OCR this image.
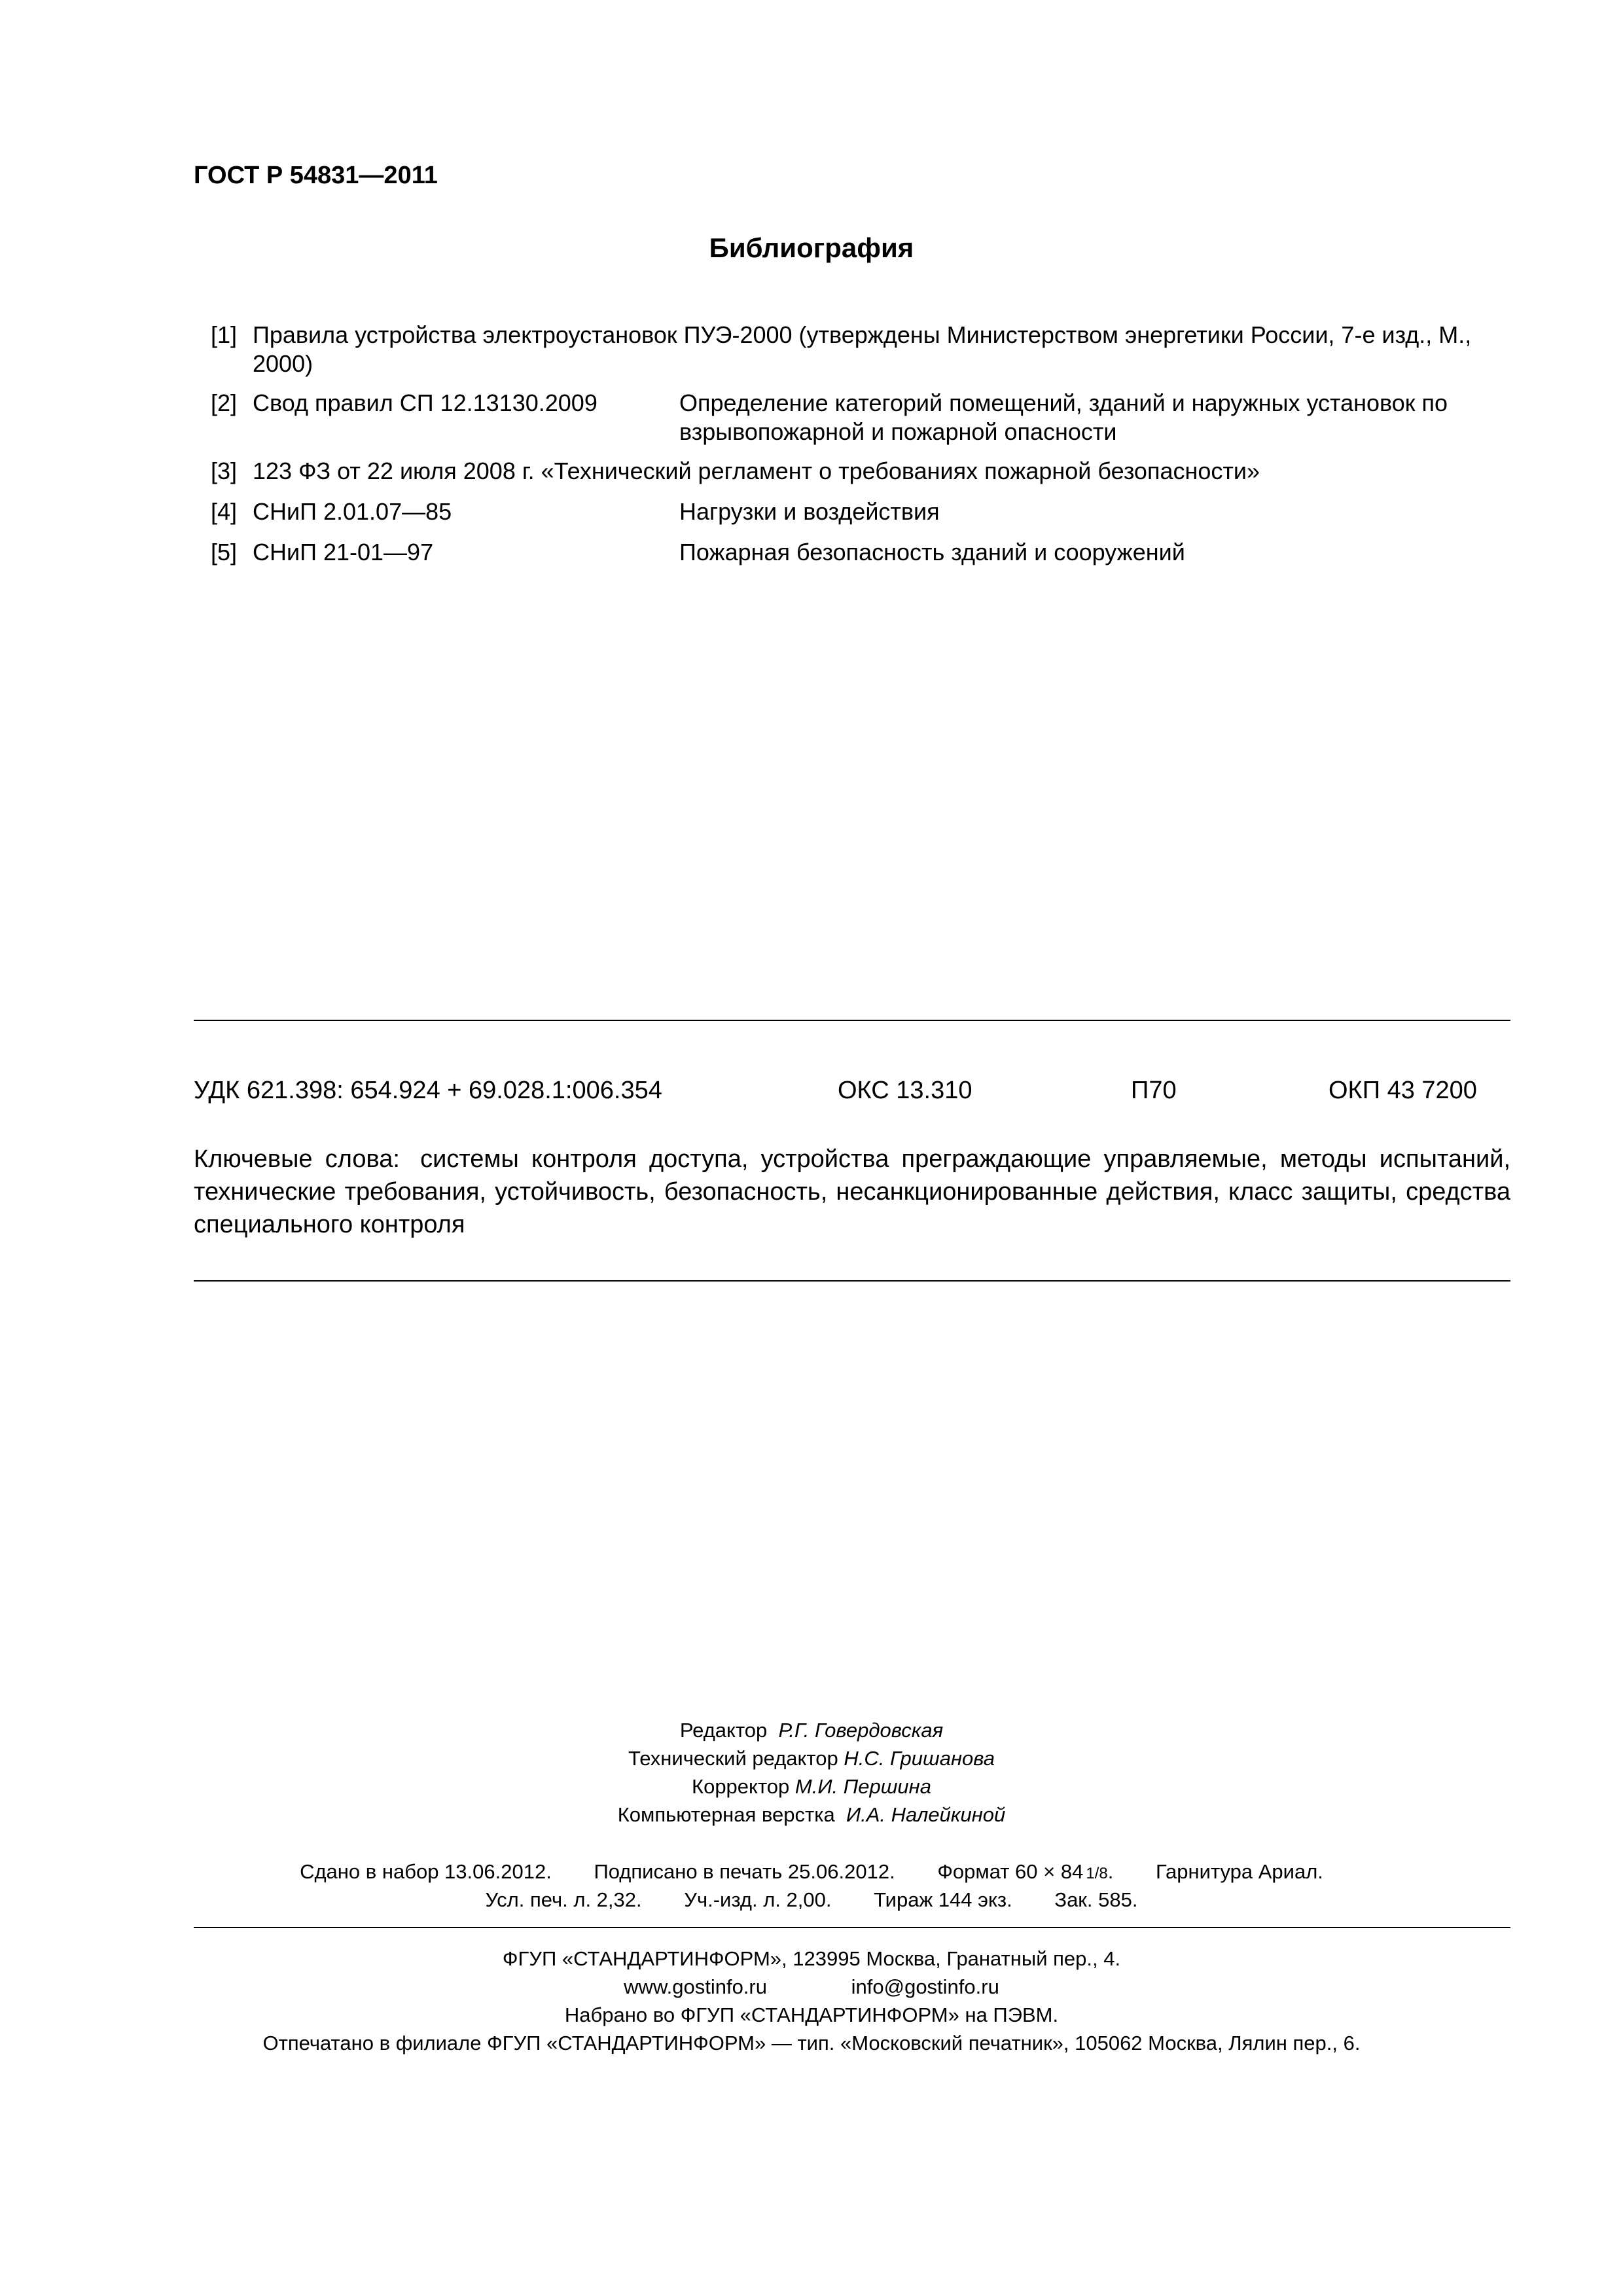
ГОСТ Р 54831—2011
Библиография
[1] Правила устройства электроустановок ПУЭ-2000 (утверждены Министерством энергетики России, 7-е изд., М., 2000)
[2] Свод правил СП 12.13130.2009	Определение категорий помещений, зданий и наружных установок по взрывопожарной и пожарной опасности
[3] 123 ФЗ от 22 июля 2008 г. «Технический регламент о требованиях пожарной безопасности»
[4] СНиП 2.01.07—85	Нагрузки и воздействия
[5] СНиП 21-01—97	Пожарная безопасность зданий и сооружений
УДК 621.398: 654.924 + 69.028.1:006.354	ОКС 13.310	П70	ОКП 43 7200
Ключевые слова: системы контроля доступа, устройства преграждающие управляемые, методы испытаний, технические требования, устойчивость, безопасность, несанкционированные действия, класс защиты, средства специального контроля
Редактор Р.Г. Говердовская
Технический редактор Н.С. Гришанова
Корректор М.И. Першина
Компьютерная верстка И.А. Налейкиной
Сдано в набор 13.06.2012. Подписано в печать 25.06.2012. Формат 60 × 84 1/8. Гарнитура Ариал.
Усл. печ. л. 2,32. Уч.-изд. л. 2,00. Тираж 144 экз. Зак. 585.
ФГУП «СТАНДАРТИНФОРМ», 123995 Москва, Гранатный пер., 4.
www.gostinfo.ru	info@gostinfo.ru
Набрано во ФГУП «СТАНДАРТИНФОРМ» на ПЭВМ.
Отпечатано в филиале ФГУП «СТАНДАРТИНФОРМ» — тип. «Московский печатник», 105062 Москва, Лялин пер., 6.
